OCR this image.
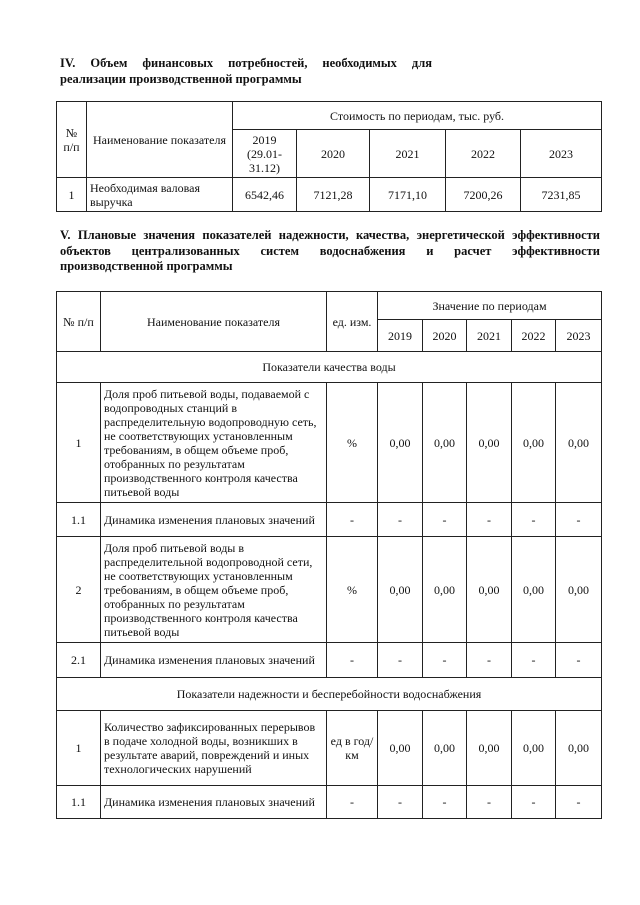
IV. Объем финансовых потребностей, необходимых для
реализации производственной программы
№ п/п	Наименование показателя	Стоимость по периодам, тыс. руб.				
		2019 (29.01-31.12)	2020	2021	2022	2023
1	Необходимая валовая выручка	6542,46	7121,28	7171,10	7200,26	7231,85
V. Плановые значения показателей надежности, качества, энергетической эффективности
объектов централизованных систем водоснабжения и расчет эффективности
производственной программы
№ п/п	Наименование показателя	ед. изм.	Значение по периодам				
			2019	2020	2021	2022	2023
Показатели качества воды							
1	Доля проб питьевой воды, подаваемой с водопроводных станций в распределительную водопроводную сеть, не соответствующих установленным требованиям, в общем объеме проб, отобранных по результатам производственного контроля качества питьевой воды	%	0,00	0,00	0,00	0,00	0,00
1.1	Динамика изменения плановых значений	-	-	-	-	-	-
2	Доля проб питьевой воды в распределительной водопроводной сети, не соответствующих установленным требованиям, в общем объеме проб, отобранных по результатам производственного контроля качества питьевой воды	%	0,00	0,00	0,00	0,00	0,00
2.1	Динамика изменения плановых значений	-	-	-	-	-	-
Показатели надежности и бесперебойности водоснабжения							
1	Количество зафиксированных перерывов в подаче холодной воды, возникших в результате аварий, повреждений и иных технологических нарушений	ед в год/ км	0,00	0,00	0,00	0,00	0,00
1.1	Динамика изменения плановых значений	-	-	-	-	-	-
